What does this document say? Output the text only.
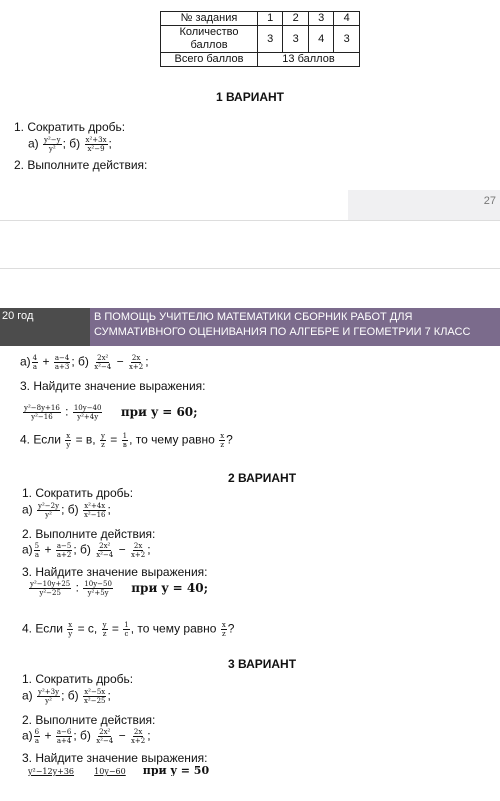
№ задания	1	2	3	4
Количество баллов	3	3	4	3
Всего баллов	13 баллов			
1 ВАРИАНТ
1. Сократить дробь:
$а) \frac{\text{y²−y}}{\text{y²}}$ ; $б) \frac{\text{x²+3x}}{\text{x²−9}}$ ;
2. Выполните действия:
27
20 год	В ПОМОЩЬ УЧИТЕЛЮ МАТЕМАТИКИ СБОРНИК РАБОТ ДЛЯ СУММАТИВНОГО ОЦЕНИВАНИЯ ПО АЛГЕБРЕ И ГЕОМЕТРИИ 7 КЛАСС
$а) \frac{4}{a} + \frac{a-4}{a+3}$ ; $б) \frac{\text{2x²}}{\text{x²−4}} - \frac{2x}{x+2}$ ;
3. Найдите значение выражения:
$\frac{\text{y²−8y+16}}{\text{y²−16}}$ : $\frac{10y-40}{\text{y²+4y}}$ при y = 60;
4. Если $\frac{x}{y} = в$, $\frac{y}{z} = \frac{1}{в}$ , то чему равно $\frac{x}{z}$ ?
2 ВАРИАНТ
1. Сократить дробь:
$а) \frac{\text{y²−2y}}{\text{y²}}$ ; $б) \frac{\text{x²+4x}}{\text{x²−16}}$ ;
2. Выполните действия:
$а) \frac{5}{a} + \frac{a-5}{a+2}$ ; $б) \frac{\text{2x²}}{\text{x²−4}} - \frac{2x}{x+2}$ ;
3. Найдите значение выражения:
$\frac{\text{y²−10y+25}}{\text{y²−25}}$ : $\frac{10y-50}{\text{y²+5y}}$ при y = 40;
4. Если $\frac{x}{y} = с$, $\frac{y}{z} = \frac{1}{с}$ , то чему равно $\frac{x}{z}$ ?
3 ВАРИАНТ
1. Сократить дробь:
$а) \frac{\text{y²+3y}}{\text{y²}}$ ; $б) \frac{\text{x²−5x}}{\text{x²−25}}$ ;
2. Выполните действия:
$а) \frac{6}{a} + \frac{a-6}{a+4}$ ; $б) \frac{\text{2x²}}{\text{x²−4}} - \frac{2x}{x+2}$ ;
3. Найдите значение выражения:
y²−12y+36	10y−60 при y = 50
